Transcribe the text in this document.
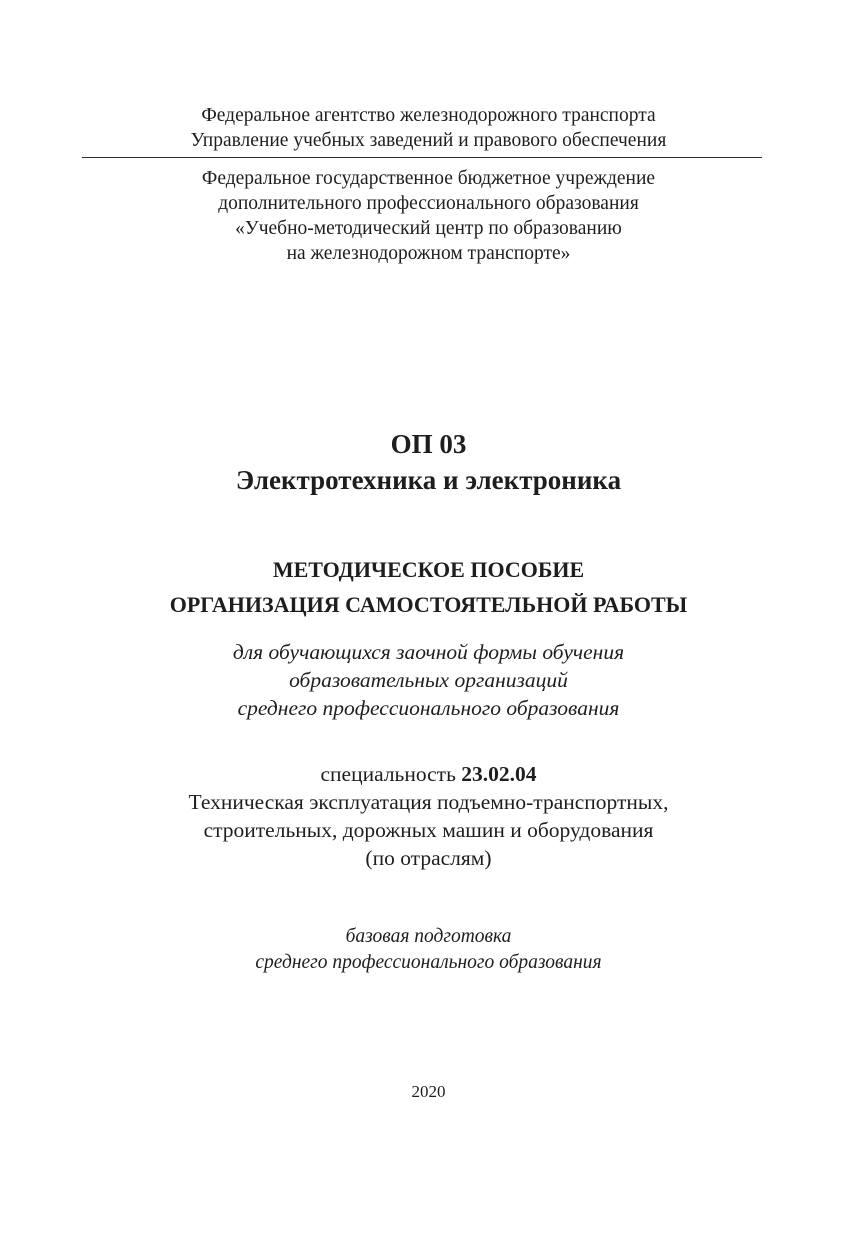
Федеральное агентство железнодорожного транспорта
Управление учебных заведений и правового обеспечения
Федеральное государственное бюджетное учреждение
дополнительного профессионального образования
«Учебно-методический центр по образованию
на железнодорожном транспорте»
ОП 03
Электротехника и электроника
МЕТОДИЧЕСКОЕ ПОСОБИЕ
ОРГАНИЗАЦИЯ САМОСТОЯТЕЛЬНОЙ РАБОТЫ
для обучающихся заочной формы обучения
образовательных организаций
среднего профессионального образования
специальность 23.02.04
Техническая эксплуатация подъемно-транспортных,
строительных, дорожных машин и оборудования
(по отраслям)
базовая подготовка
среднего профессионального образования
2020
